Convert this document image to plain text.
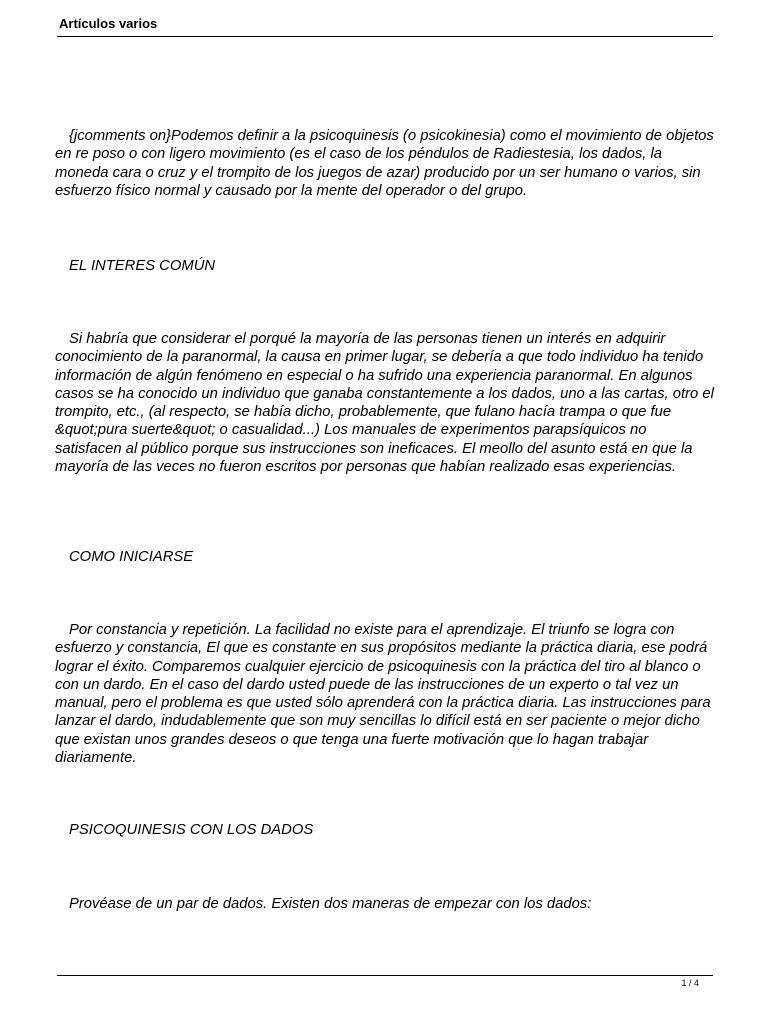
Artículos varios

{jcomments on}Podemos definir a la psicoquinesis (o psicokinesia) como el movimiento de objetos en re poso o con ligero movimiento (es el caso de los péndulos de Radiestesia, los dados, la moneda cara o cruz y el trompito de los juegos de azar) producido por un ser humano o varios, sin esfuerzo físico normal y causado por la mente del operador o del grupo.

EL INTERES COMÚN

Si habría que considerar el porqué la mayoría de las personas tienen un interés en adquirir conocimiento de la paranormal, la causa en primer lugar, se debería a que todo individuo ha tenido información de algún fenómeno en especial o ha sufrido una experiencia paranormal. En algunos casos se ha conocido un individuo que ganaba constantemente a los dados, uno a las cartas, otro el trompito, etc., (al respecto, se había dicho, probablemente, que fulano hacía trampa o que fue &quot;pura suerte&quot; o casualidad...) Los manuales de experimentos parapsíquicos no satisfacen al público porque sus instrucciones son ineficaces. El meollo del asunto está en que la mayoría de las veces no fueron escritos por personas que habían realizado esas experiencias.

COMO INICIARSE

Por constancia y repetición. La facilidad no existe para el aprendizaje. El triunfo se logra con esfuerzo y constancia, El que es constante en sus propósitos mediante la práctica diaria, ese podrá lograr el éxito. Comparemos cualquier ejercicio de psicoquinesis con la práctica del tiro al blanco o con un dardo. En el caso del dardo usted puede de las instrucciones de un experto o tal vez un manual, pero el problema es que usted sólo aprenderá con la práctica diaria. Las instrucciones para lanzar el dardo, indudablemente que son muy sencillas lo difícil está en ser paciente o mejor dicho que existan unos grandes deseos o que tenga una fuerte motivación que lo hagan trabajar diariamente.

PSICOQUINESIS CON LOS DADOS

Provéase de un par de dados. Existen dos maneras de empezar con los dados:

1 / 4
